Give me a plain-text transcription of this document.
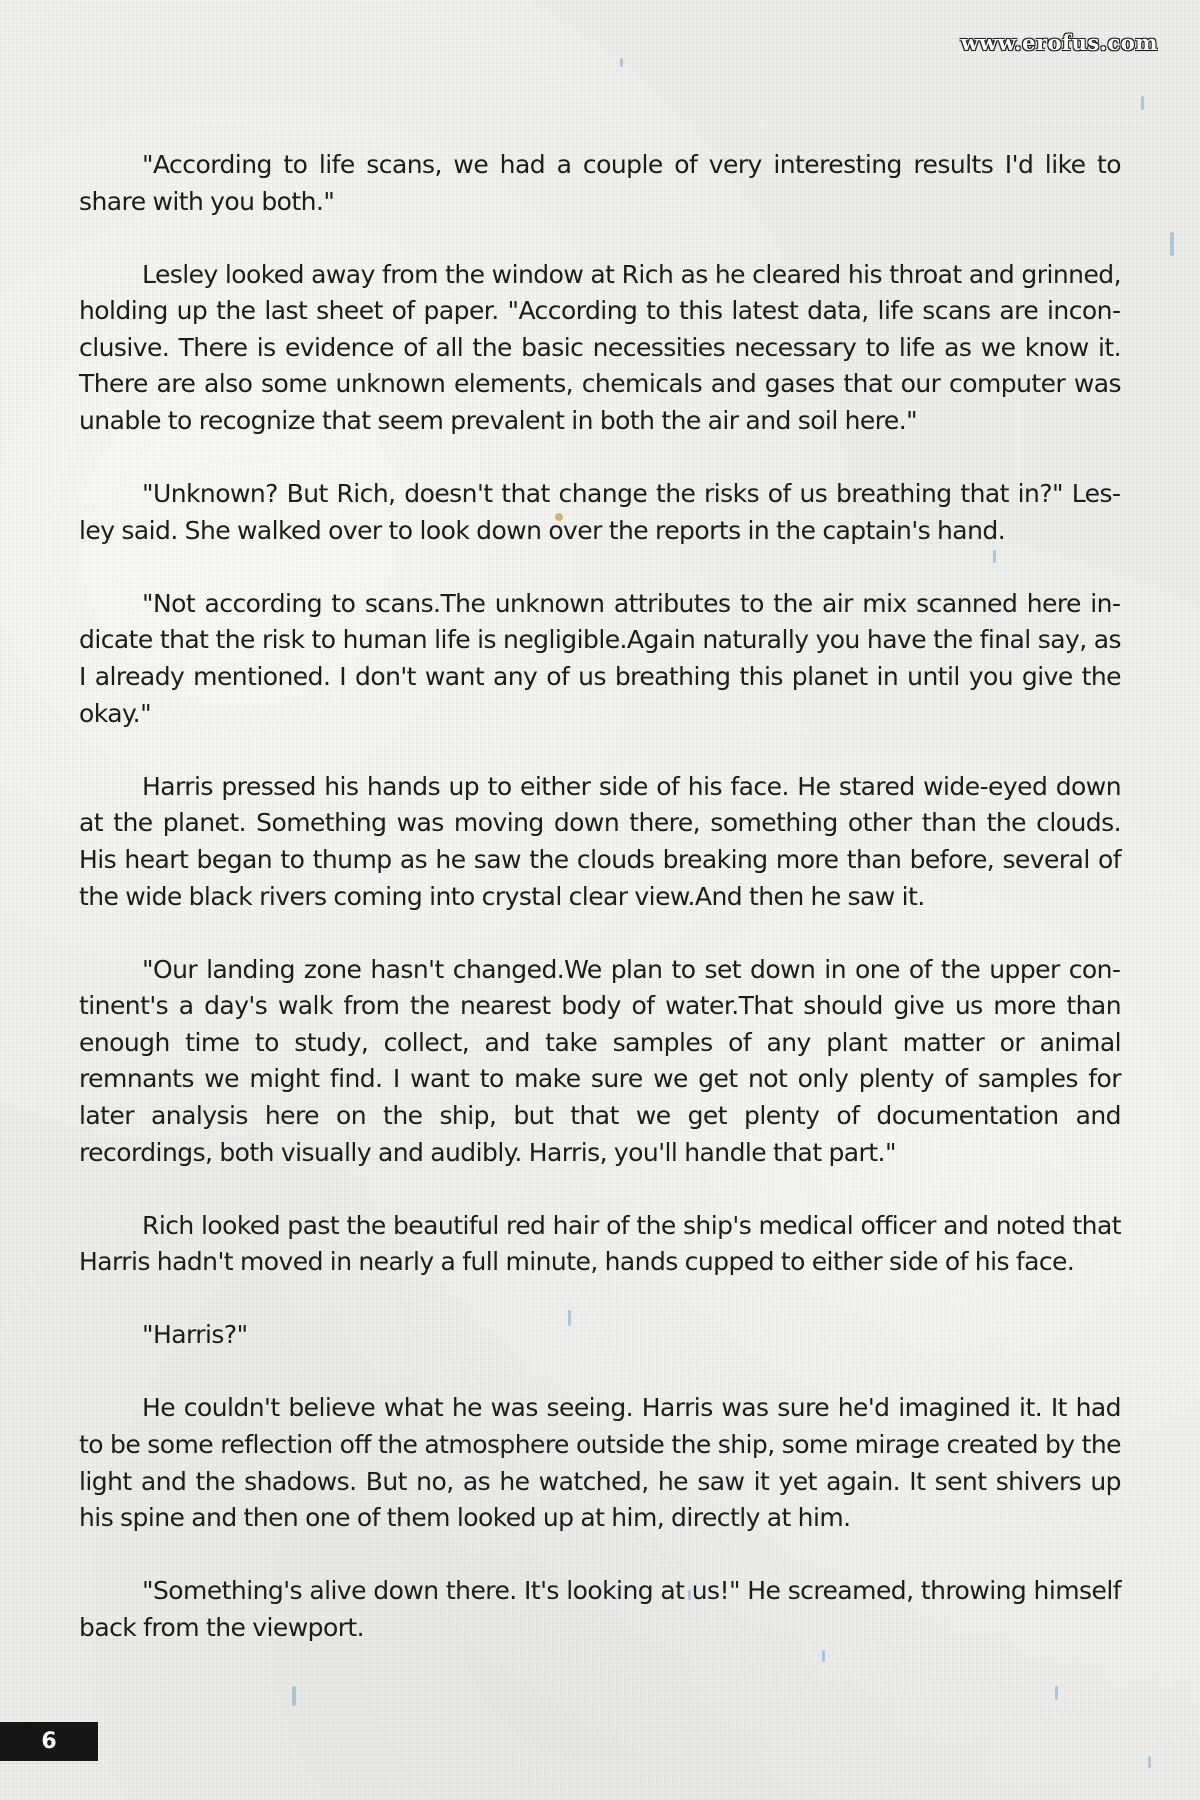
www.erofus.com

"According to life scans, we had a couple of very interesting results I'd like to share with you both."

Lesley looked away from the window at Rich as he cleared his throat and grinned, holding up the last sheet of paper. "According to this latest data, life scans are inconclusive. There is evidence of all the basic necessities necessary to life as we know it. There are also some unknown elements, chemicals and gases that our computer was unable to recognize that seem prevalent in both the air and soil here."

"Unknown? But Rich, doesn't that change the risks of us breathing that in?" Lesley said. She walked over to look down over the reports in the captain's hand.

"Not according to scans.The unknown attributes to the air mix scanned here indicate that the risk to human life is negligible.Again naturally you have the final say, as I already mentioned. I don't want any of us breathing this planet in until you give the okay."

Harris pressed his hands up to either side of his face. He stared wide-eyed down at the planet. Something was moving down there, something other than the clouds. His heart began to thump as he saw the clouds breaking more than before, several of the wide black rivers coming into crystal clear view.And then he saw it.

"Our landing zone hasn't changed.We plan to set down in one of the upper continent's a day's walk from the nearest body of water.That should give us more than enough time to study, collect, and take samples of any plant matter or animal remnants we might find. I want to make sure we get not only plenty of samples for later analysis here on the ship, but that we get plenty of documentation and recordings, both visually and audibly. Harris, you'll handle that part."

Rich looked past the beautiful red hair of the ship's medical officer and noted that Harris hadn't moved in nearly a full minute, hands cupped to either side of his face.

"Harris?"

He couldn't believe what he was seeing. Harris was sure he'd imagined it. It had to be some reflection off the atmosphere outside the ship, some mirage created by the light and the shadows. But no, as he watched, he saw it yet again. It sent shivers up his spine and then one of them looked up at him, directly at him.

"Something's alive down there. It's looking at us!" He screamed, throwing himself back from the viewport.

6
